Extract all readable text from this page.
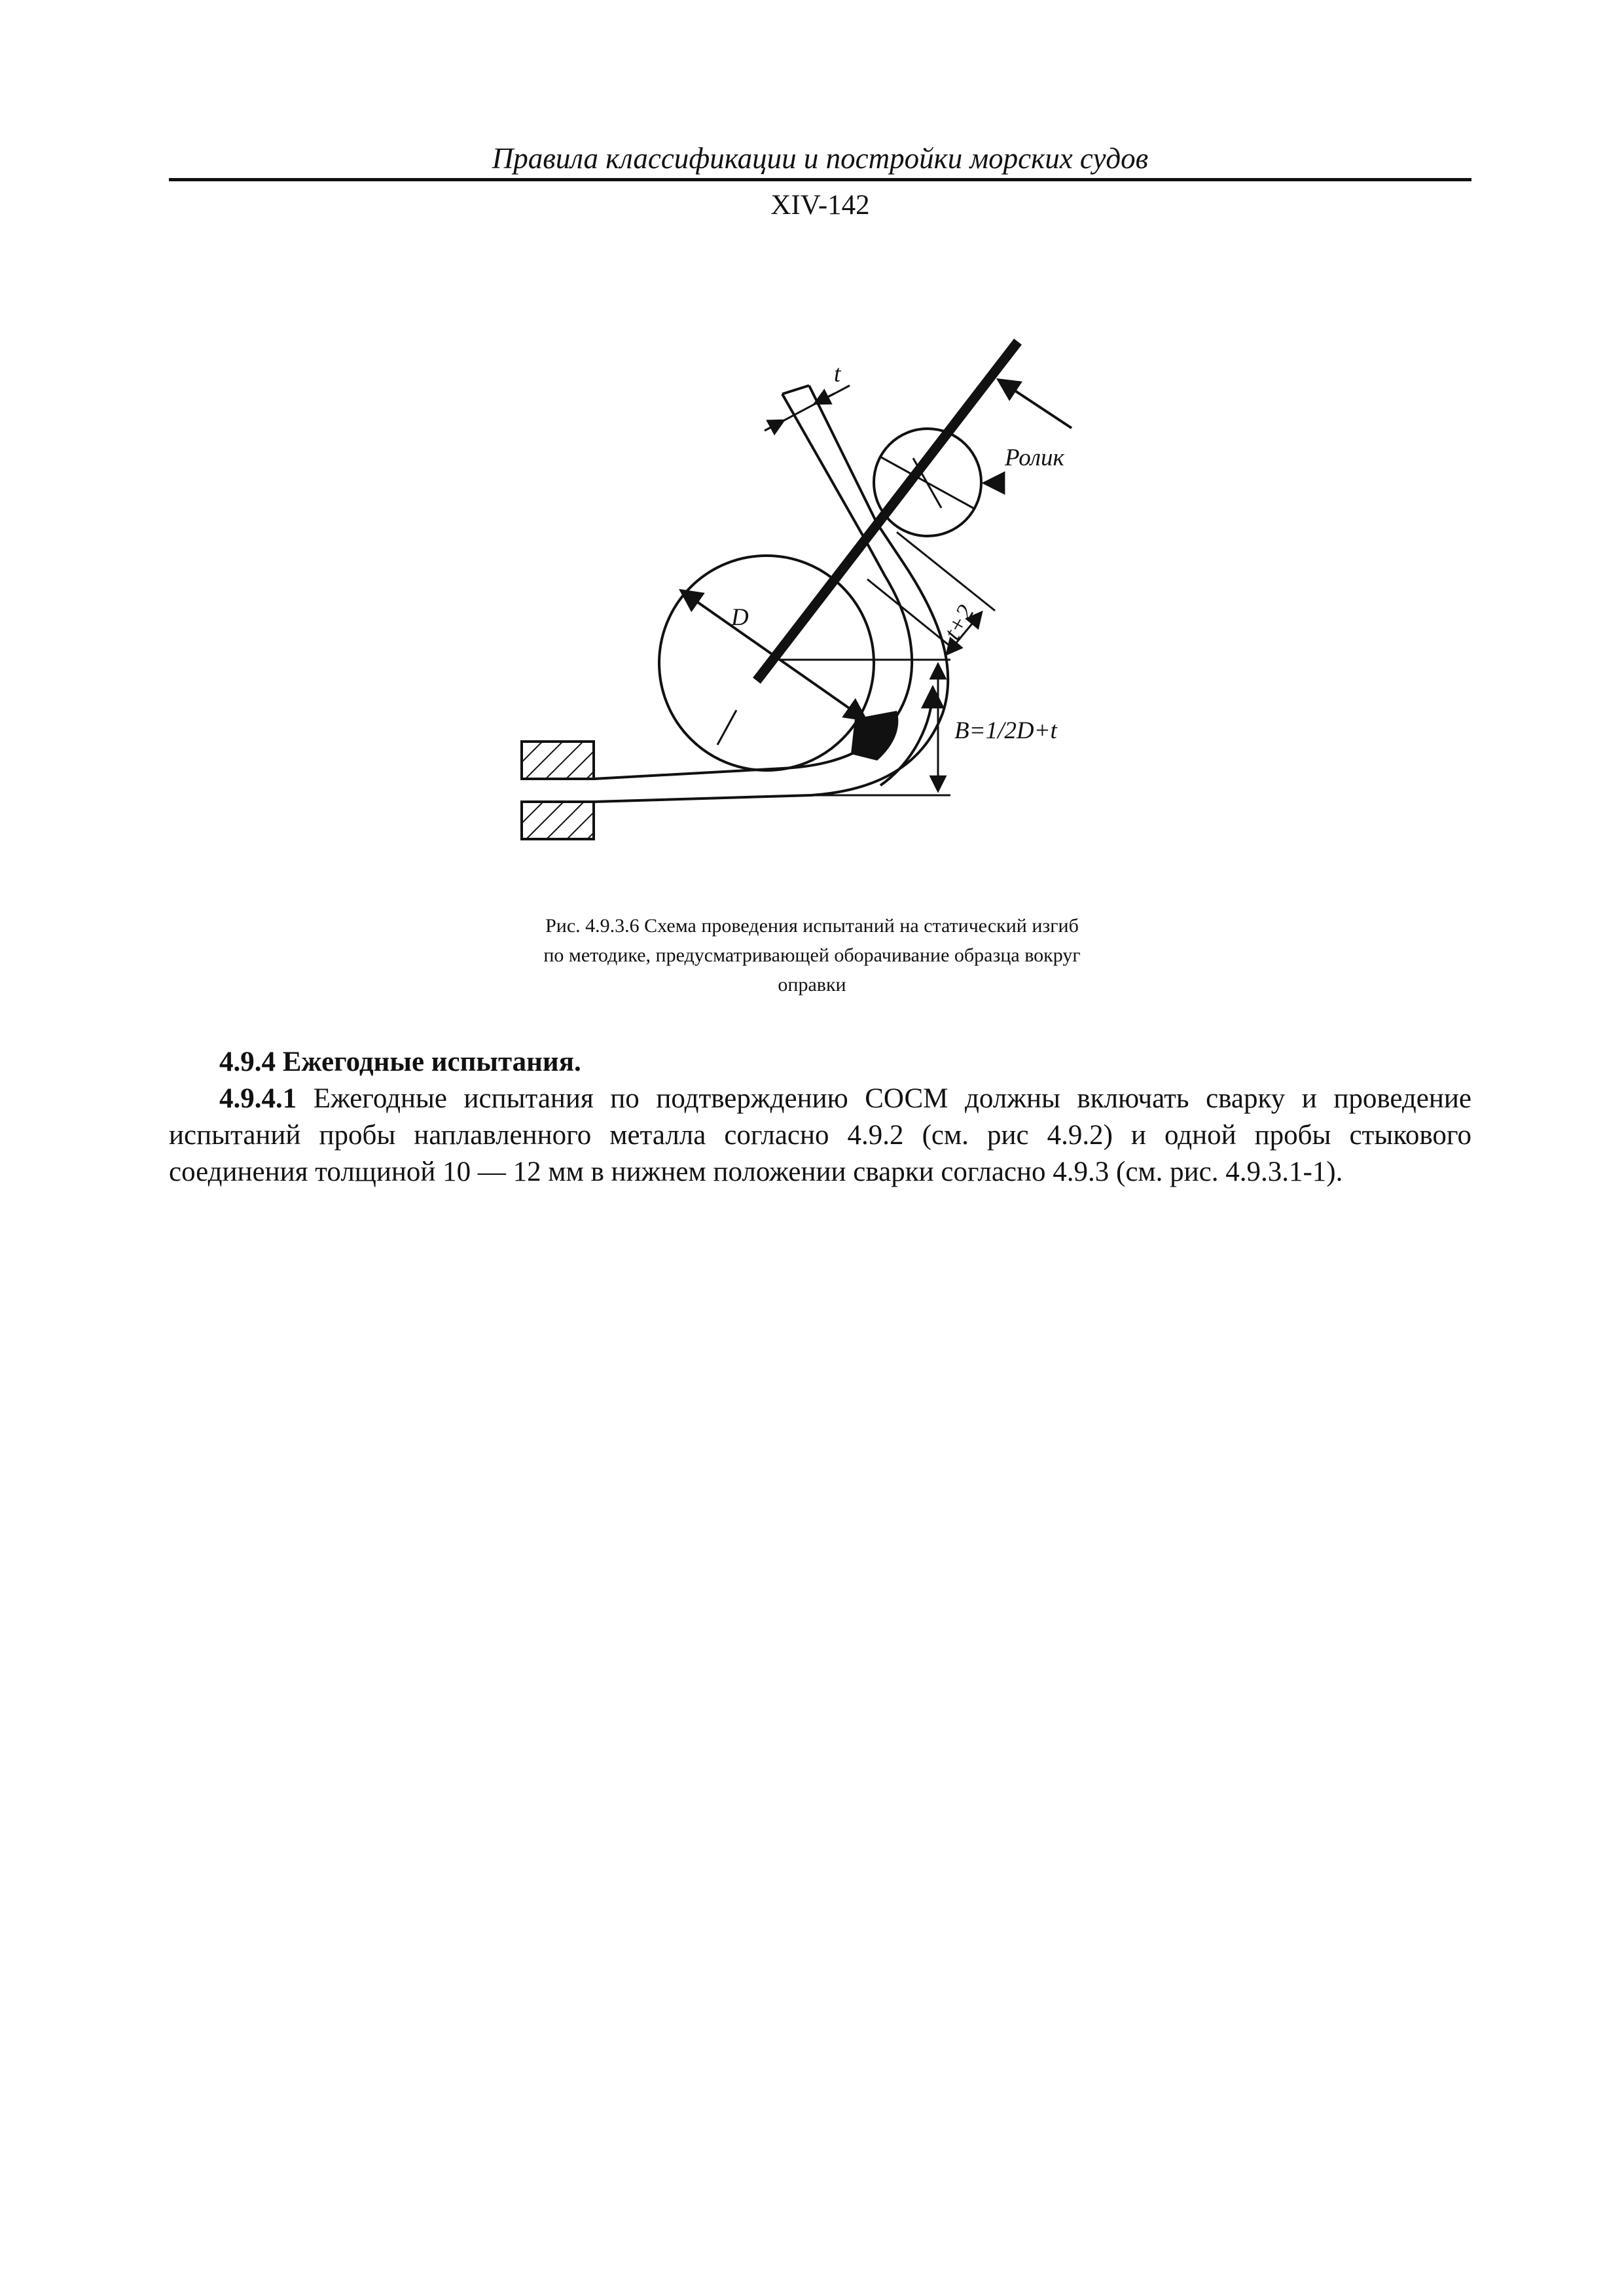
Правила классификации и постройки морских судов
XIV-142
Ролик
t
D	t+2
B=1/2D+t
Рис. 4.9.3.6 Схема проведения испытаний на статический изгиб
по методике, предусматривающей оборачивание образца вокруг
оправки
4.9.4 Ежегодные испытания.
4.9.4.1 Ежегодные испытания по подтверждению СОСМ должны включать сварку и проведение
испытаний пробы наплавленного металла согласно 4.9.2 (см. рис 4.9.2) и одной пробы стыкового
соединения толщиной 10 — 12 мм в нижнем положении сварки согласно 4.9.3 (см. рис. 4.9.3.1-1).
